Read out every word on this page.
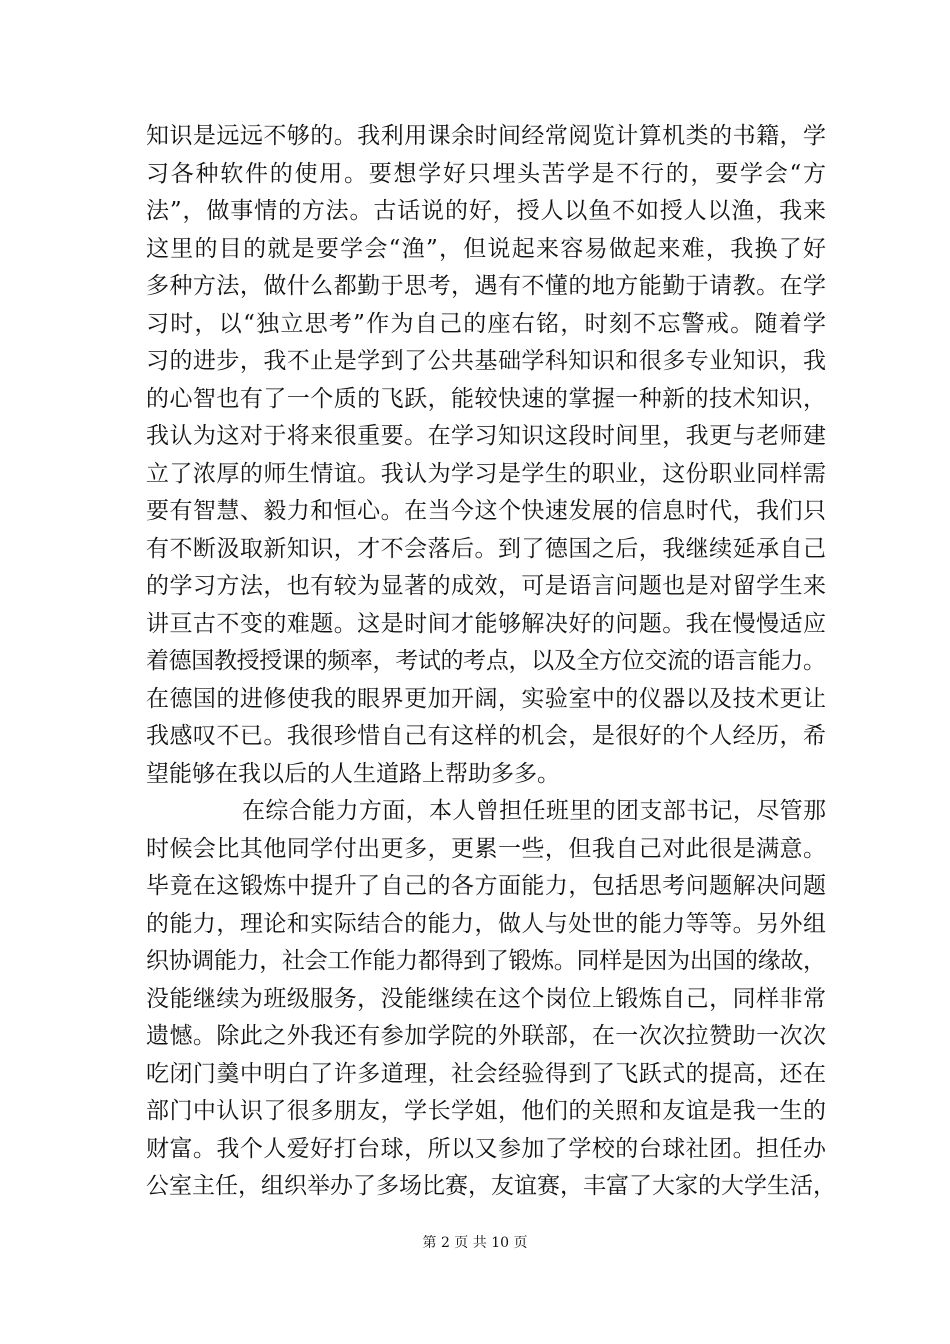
知识是远远不够的。我利用课余时间经常阅览计算机类的书籍，学
习各种软件的使用。要想学好只埋头苦学是不行的，要学会“方
法”，做事情的方法。古话说的好，授人以鱼不如授人以渔，我来
这里的目的就是要学会“渔”，但说起来容易做起来难，我换了好
多种方法，做什么都勤于思考，遇有不懂的地方能勤于请教。在学
习时，以“独立思考”作为自己的座右铭，时刻不忘警戒。随着学
习的进步，我不止是学到了公共基础学科知识和很多专业知识，我
的心智也有了一个质的飞跃，能较快速的掌握一种新的技术知识，
我认为这对于将来很重要。在学习知识这段时间里，我更与老师建
立了浓厚的师生情谊。我认为学习是学生的职业，这份职业同样需
要有智慧、毅力和恒心。在当今这个快速发展的信息时代，我们只
有不断汲取新知识，才不会落后。到了德国之后，我继续延承自己
的学习方法，也有较为显著的成效，可是语言问题也是对留学生来
讲亘古不变的难题。这是时间才能够解决好的问题。我在慢慢适应
着德国教授授课的频率，考试的考点，以及全方位交流的语言能力。
在德国的进修使我的眼界更加开阔，实验室中的仪器以及技术更让
我感叹不已。我很珍惜自己有这样的机会，是很好的个人经历，希
望能够在我以后的人生道路上帮助多多。
在综合能力方面，本人曾担任班里的团支部书记，尽管那
时候会比其他同学付出更多，更累一些，但我自己对此很是满意。
毕竟在这锻炼中提升了自己的各方面能力，包括思考问题解决问题
的能力，理论和实际结合的能力，做人与处世的能力等等。另外组
织协调能力，社会工作能力都得到了锻炼。同样是因为出国的缘故，
没能继续为班级服务，没能继续在这个岗位上锻炼自己，同样非常
遗憾。除此之外我还有参加学院的外联部，在一次次拉赞助一次次
吃闭门羹中明白了许多道理，社会经验得到了飞跃式的提高，还在
部门中认识了很多朋友，学长学姐，他们的关照和友谊是我一生的
财富。我个人爱好打台球，所以又参加了学校的台球社团。担任办
公室主任，组织举办了多场比赛，友谊赛，丰富了大家的大学生活，
第 2 页 共 10 页
